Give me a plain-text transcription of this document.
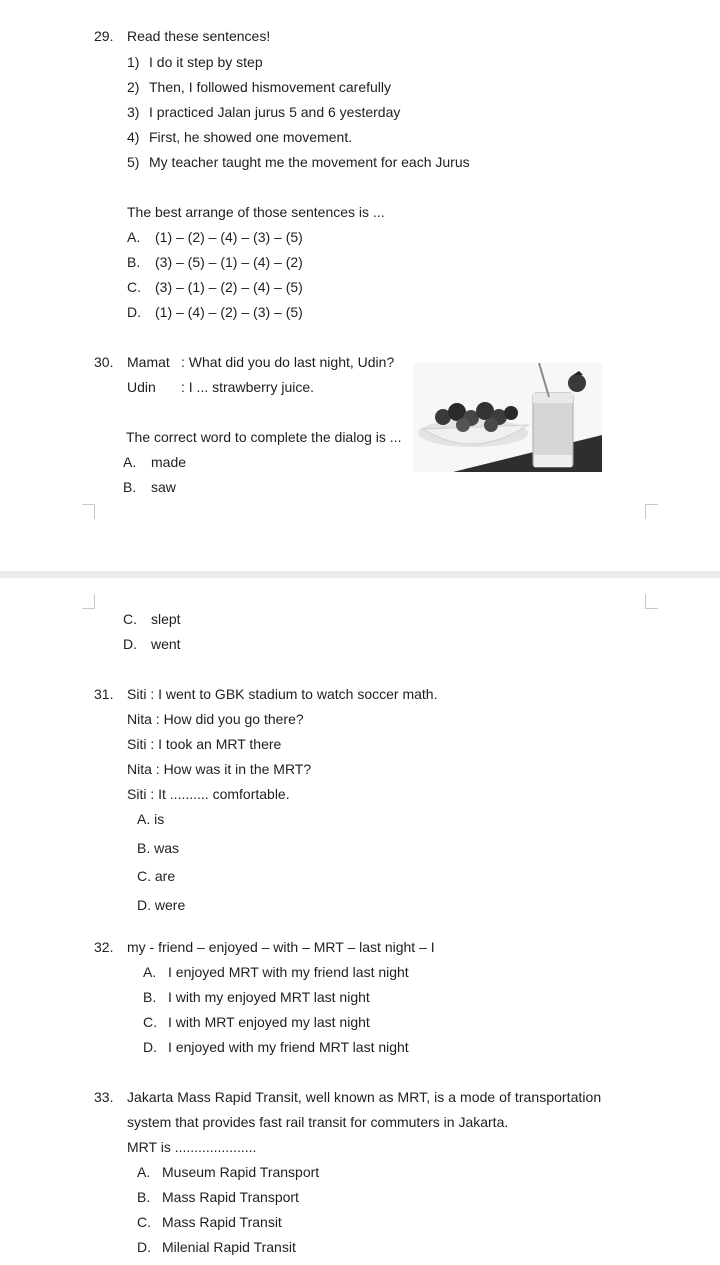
29. Read these sentences!
1) I do it step by step
2) Then, I followed hismovement carefully
3) I practiced Jalan jurus 5 and 6 yesterday
4) First, he showed one movement.
5) My teacher taught me the movement for each Jurus
The best arrange of those sentences is ...
A. (1) – (2) – (4) – (3) – (5)
B. (3) – (5) – (1) – (4) – (2)
C. (3) – (1) – (2) – (4) – (5)
D. (1) – (4) – (2) – (3) – (5)
30. Mamat : What did you do last night, Udin?
Udin : I ... strawberry juice.
The correct word to complete the dialog is ...
A. made
B. saw
C. slept
D. went
31. Siti : I went to GBK stadium to watch soccer math.
Nita : How did you go there?
Siti : I took an MRT there
Nita : How was it in the MRT?
Siti : It .......... comfortable.
A. is
B. was
C. are
D. were
32. my - friend – enjoyed – with – MRT – last night – I
A. I enjoyed MRT with my friend last night
B. I with my enjoyed MRT last night
C. I with MRT enjoyed my last night
D. I enjoyed with my friend MRT last night
33. Jakarta Mass Rapid Transit, well known as MRT, is a mode of transportation
system that provides fast rail transit for commuters in Jakarta.
MRT is .....................
A. Museum Rapid Transport
B. Mass Rapid Transport
C. Mass Rapid Transit
D. Milenial Rapid Transit
